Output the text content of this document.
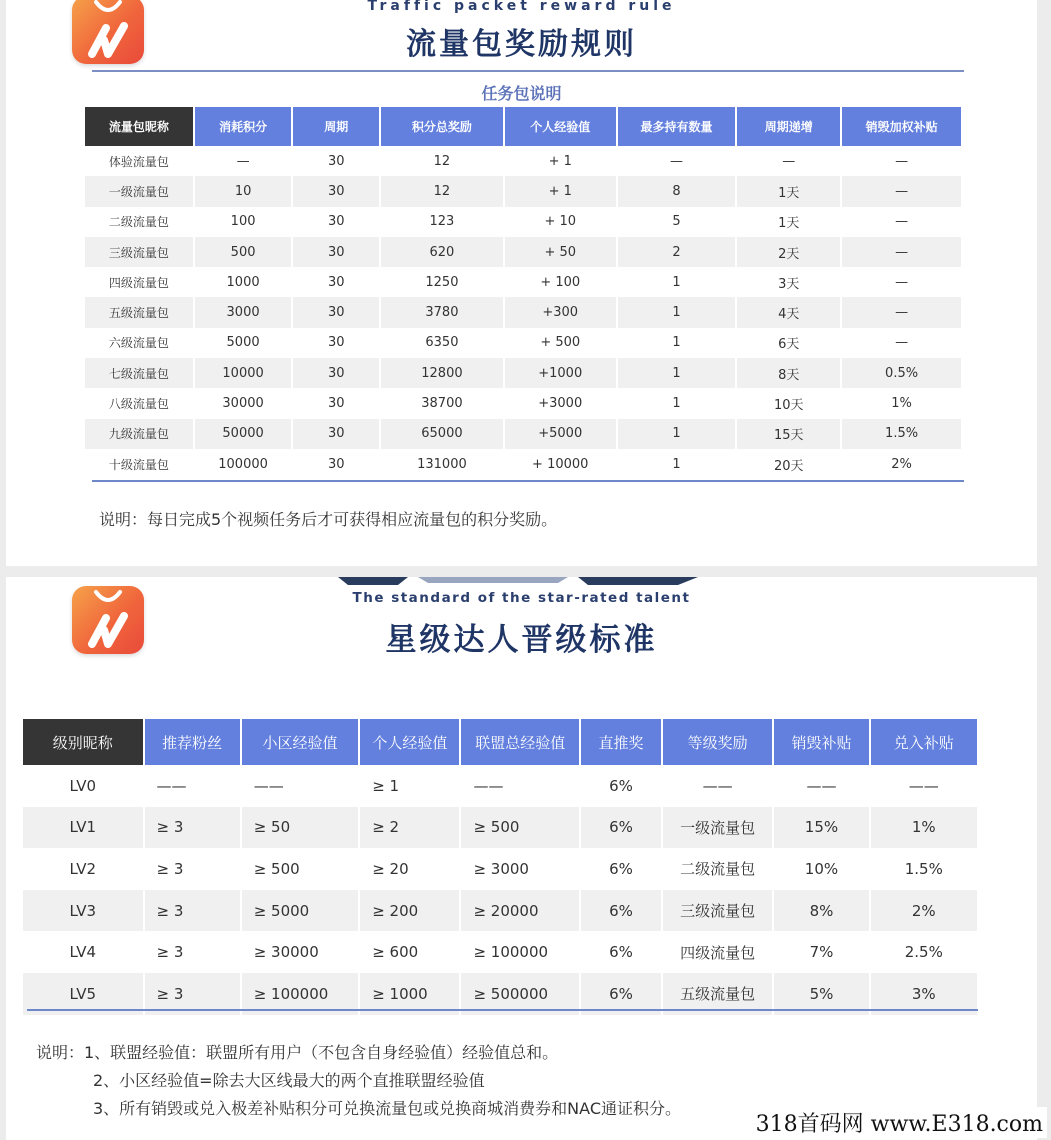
Traffic packet reward rule
流量包奖励规则
任务包说明
流量包昵称	消耗积分	周期	积分总奖励	个人经验值	最多持有数量	周期递增	销毁加权补贴
体验流量包	—	30	12	+ 1	—	—	—
一级流量包	10	30	12	+ 1	8	1天	—
二级流量包	100	30	123	+ 10	5	1天	—
三级流量包	500	30	620	+ 50	2	2天	—
四级流量包	1000	30	1250	+ 100	1	3天	—
五级流量包	3000	30	3780	+300	1	4天	—
六级流量包	5000	30	6350	+ 500	1	6天	—
七级流量包	10000	30	12800	+1000	1	8天	0.5%
八级流量包	30000	30	38700	+3000	1	10天	1%
九级流量包	50000	30	65000	+5000	1	15天	1.5%
十级流量包	100000	30	131000	+ 10000	1	20天	2%
说明：每日完成5个视频任务后才可获得相应流量包的积分奖励。
The standard of the star-rated talent
星级达人晋级标准
级别昵称	推荐粉丝	小区经验值	个人经验值	联盟总经验值	直推奖	等级奖励	销毁补贴	兑入补贴
LV0	——	——	≥ 1	——	6%	——	——	——
LV1	≥ 3	≥ 50	≥ 2	≥ 500	6%	一级流量包	15%	1%
LV2	≥ 3	≥ 500	≥ 20	≥ 3000	6%	二级流量包	10%	1.5%
LV3	≥ 3	≥ 5000	≥ 200	≥ 20000	6%	三级流量包	8%	2%
LV4	≥ 3	≥ 30000	≥ 600	≥ 100000	6%	四级流量包	7%	2.5%
LV5	≥ 3	≥ 100000	≥ 1000	≥ 500000	6%	五级流量包	5%	3%
说明：1、联盟经验值：联盟所有用户（不包含自身经验值）经验值总和。
2、小区经验值=除去大区线最大的两个直推联盟经验值
3、所有销毁或兑入极差补贴积分可兑换流量包或兑换商城消费券和NAC通证积分。
318首码网 www.E318.com
